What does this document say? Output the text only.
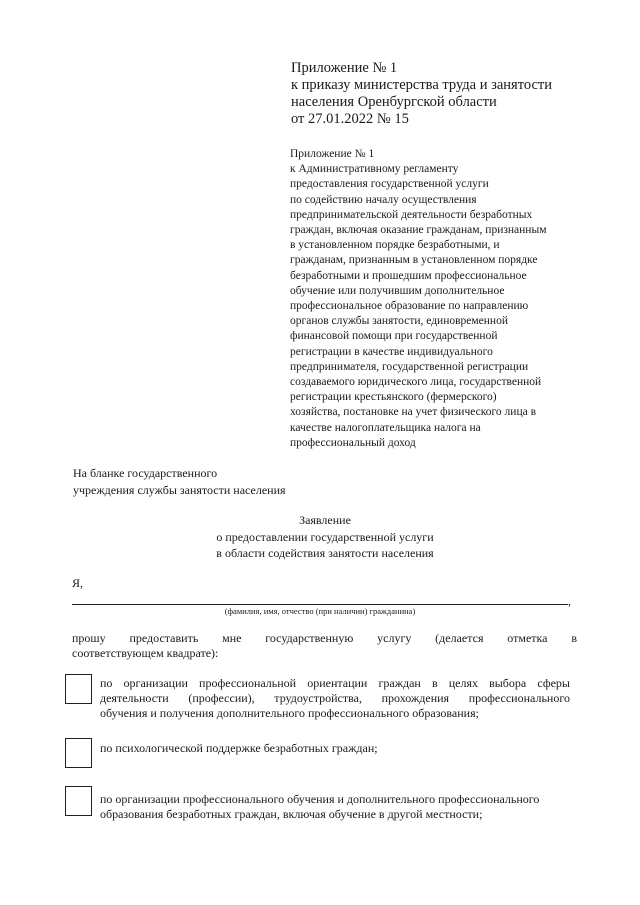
Приложение № 1
к приказу министерства труда и занятости
населения Оренбургской области
от 27.01.2022 № 15
Приложение № 1
к Административному регламенту
предоставления государственной услуги
по содействию началу осуществления
предпринимательской деятельности безработных
граждан, включая оказание гражданам, признанным
в установленном порядке безработными, и
гражданам, признанным в установленном порядке
безработными и прошедшим профессиональное
обучение или получившим дополнительное
профессиональное образование по направлению
органов службы занятости, единовременной
финансовой помощи при государственной
регистрации в качестве индивидуального
предпринимателя, государственной регистрации
создаваемого юридического лица, государственной
регистрации крестьянского (фермерского)
хозяйства, постановке на учет физического лица в
качестве налогоплательщика налога на
профессиональный доход
На бланке государственного
учреждения службы занятости населения
Заявление
о предоставлении государственной услуги
в области содействия занятости населения
Я,
,
(фамилия, имя, отчество (при наличии) гражданина)
прошу предоставить мне государственную услугу (делается отметка в
соответствующем квадрате):
по организации профессиональной ориентации граждан в целях выбора сферы
деятельности (профессии), трудоустройства, прохождения профессионального
обучения и получения дополнительного профессионального образования;
по психологической поддержке безработных граждан;
по организации профессионального обучения и дополнительного профессионального
образования безработных граждан, включая обучение в другой местности;
